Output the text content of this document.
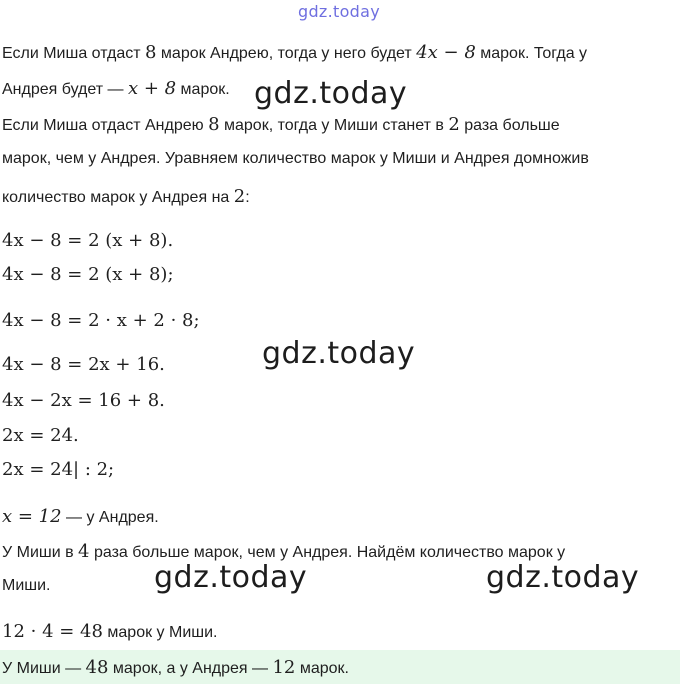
gdz.today
Если Миша отдаст 8 марок Андрею, тогда у него будет 4x − 8 марок. Тогда у
Андрея будет — x + 8 марок.
Если Миша отдаст Андрею 8 марок, тогда у Миши станет в 2 раза больше
марок, чем у Андрея. Уравняем количество марок у Миши и Андрея домножив
количество марок у Андрея на 2:
4x − 8 = 2 (x + 8).
4x − 8 = 2 (x + 8);
4x − 8 = 2 · x + 2 · 8;
4x − 8 = 2x + 16.
4x − 2x = 16 + 8.
2x = 24.
2x = 24| : 2;
x = 12 — у Андрея.
У Миши в 4 раза больше марок, чем у Андрея. Найдём количество марок у
Миши.
12 · 4 = 48 марок у Миши.
У Миши — 48 марок, а у Андрея — 12 марок.
gdz.today
gdz.today
gdz.today	gdz.today
